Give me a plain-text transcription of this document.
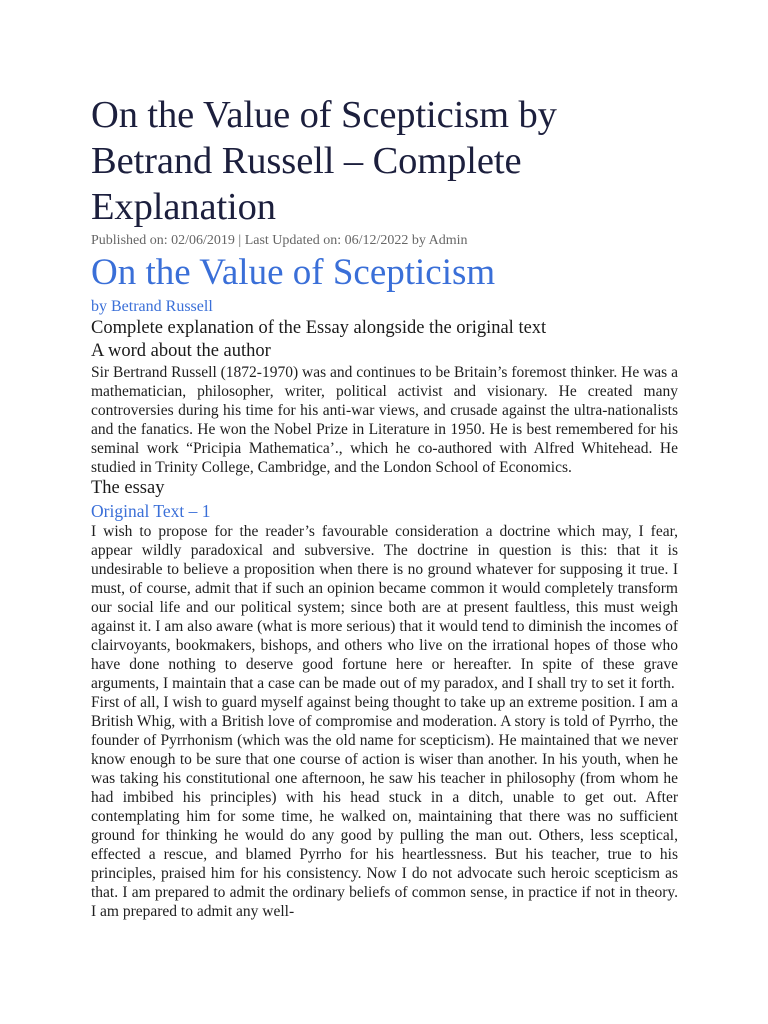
On the Value of Scepticism by Betrand Russell – Complete Explanation

Published on: 02/06/2019 | Last Updated on: 06/12/2022 by Admin

On the Value of Scepticism

by Betrand Russell

Complete explanation of the Essay alongside the original text
A word about the author

Sir Bertrand Russell (1872-1970) was and continues to be Britain’s foremost thinker. He was a mathematician, philosopher, writer, political activist and visionary. He created many controversies during his time for his anti-war views, and crusade against the ultra-nationalists and the fanatics. He won the Nobel Prize in Literature in 1950. He is best remembered for his seminal work “Pricipia Mathematica’., which he co-authored with Alfred Whitehead. He studied in Trinity College, Cambridge, and the London School of Economics.

The essay

Original Text – 1

I wish to propose for the reader’s favourable consideration a doctrine which may, I fear, appear wildly paradoxical and subversive. The doctrine in question is this: that it is undesirable to believe a proposition when there is no ground whatever for supposing it true. I must, of course, admit that if such an opinion became common it would completely transform our social life and our political system; since both are at present faultless, this must weigh against it. I am also aware (what is more serious) that it would tend to diminish the incomes of clairvoyants, bookmakers, bishops, and others who live on the irrational hopes of those who have done nothing to deserve good fortune here or hereafter. In spite of these grave arguments, I maintain that a case can be made out of my paradox, and I shall try to set it forth.

First of all, I wish to guard myself against being thought to take up an extreme position. I am a British Whig, with a British love of compromise and moderation. A story is told of Pyrrho, the founder of Pyrrhonism (which was the old name for scepticism). He maintained that we never know enough to be sure that one course of action is wiser than another. In his youth, when he was taking his constitutional one afternoon, he saw his teacher in philosophy (from whom he had imbibed his principles) with his head stuck in a ditch, unable to get out. After contemplating him for some time, he walked on, maintaining that there was no sufficient ground for thinking he would do any good by pulling the man out. Others, less sceptical, effected a rescue, and blamed Pyrrho for his heartlessness. But his teacher, true to his principles, praised him for his consistency. Now I do not advocate such heroic scepticism as that. I am prepared to admit the ordinary beliefs of common sense, in practice if not in theory. I am prepared to admit any well-
